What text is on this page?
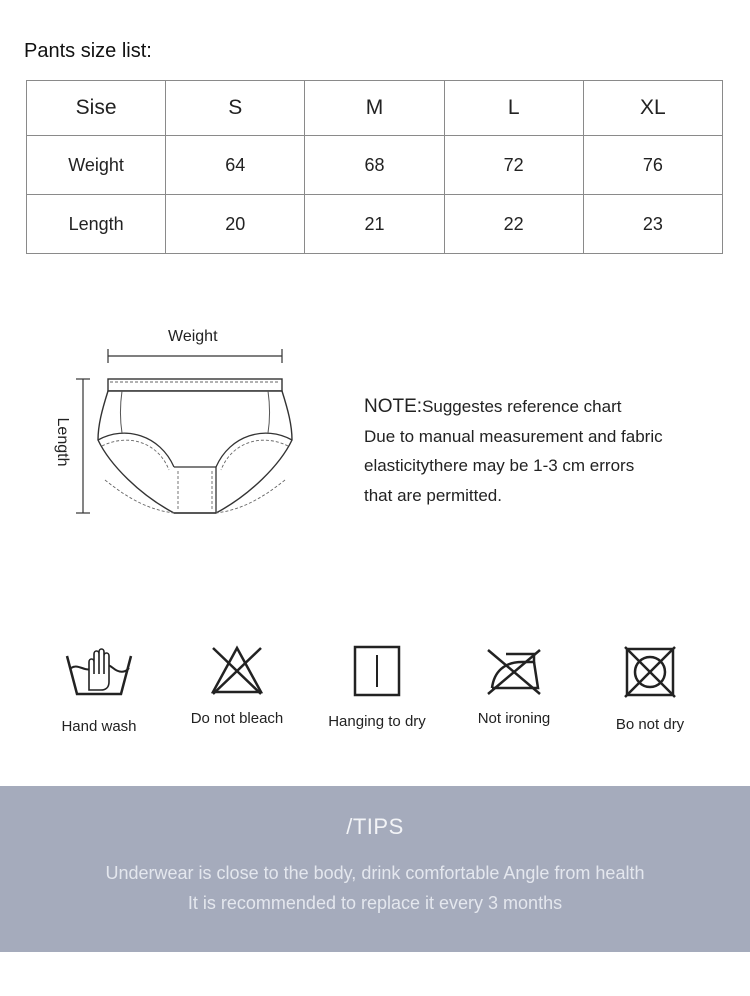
Pants size list:
Sise	S	M	L	XL
Weight	64	68	72	76
Length	20	21	22	23
Weight
Length
NOTE:Suggestes reference chart
Due to manual measurement and fabric
elasticitythere may be 1-3 cm errors
that are permitted.
Hand wash	Do not bleach	Hanging to dry	Not ironing	Bo not dry
/TIPS
Underwear is close to the body, drink comfortable Angle from health
It is recommended to replace it every 3 months
